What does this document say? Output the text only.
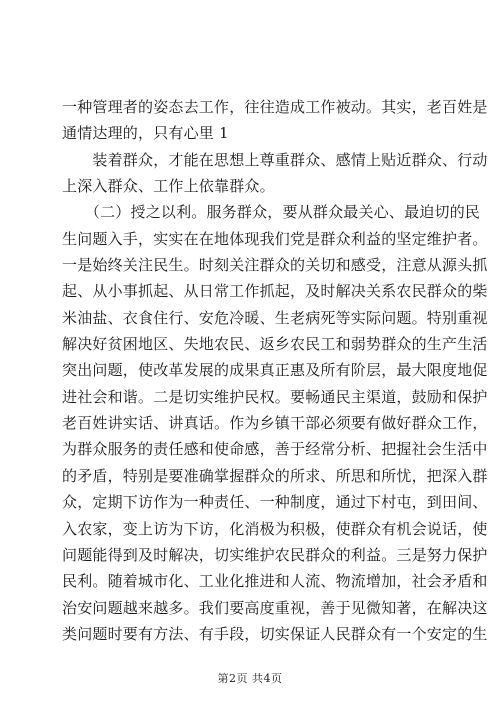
一种管理者的姿态去工作，往往造成工作被动。其实，老百姓是
通情达理的，只有心里 1
　　装着群众，才能在思想上尊重群众、感情上贴近群众、行动
上深入群众、工作上依靠群众。
　　（二）授之以利。服务群众，要从群众最关心、最迫切的民
生问题入手，实实在在地体现我们党是群众利益的坚定维护者。
一是始终关注民生。时刻关注群众的关切和感受，注意从源头抓
起、从小事抓起、从日常工作抓起，及时解决关系农民群众的柴
米油盐、衣食住行、安危冷暖、生老病死等实际问题。特别重视
解决好贫困地区、失地农民、返乡农民工和弱势群众的生产生活
突出问题，使改革发展的成果真正惠及所有阶层，最大限度地促
进社会和谐。二是切实维护民权。要畅通民主渠道，鼓励和保护
老百姓讲实话、讲真话。作为乡镇干部必须要有做好群众工作，
为群众服务的责任感和使命感，善于经常分析、把握社会生活中
的矛盾，特别是要准确掌握群众的所求、所思和所忧，把深入群
众，定期下访作为一种责任、一种制度，通过下村屯，到田间、
入农家，变上访为下访，化消极为积极，使群众有机会说话，使
问题能得到及时解决，切实维护农民群众的利益。三是努力保护
民利。随着城市化、工业化推进和人流、物流增加，社会矛盾和
治安问题越来越多。我们要高度重视，善于见微知著，在解决这
类问题时要有方法、有手段，切实保证人民群众有一个安定的生
第2页 共4页
